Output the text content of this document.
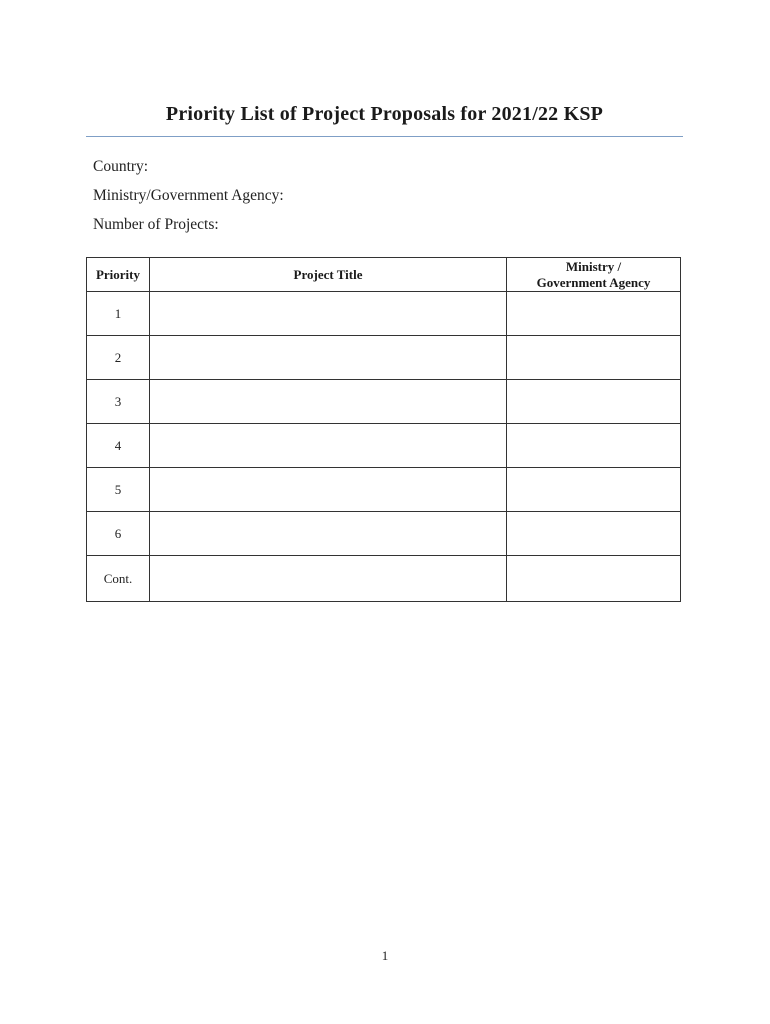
Priority List of Project Proposals for 2021/22 KSP
Country:
Ministry/Government Agency:
Number of Projects:
Priority	Project Title	Ministry /
Government Agency

1		
2		
3		
4		
5		
6		
Cont.		
1
